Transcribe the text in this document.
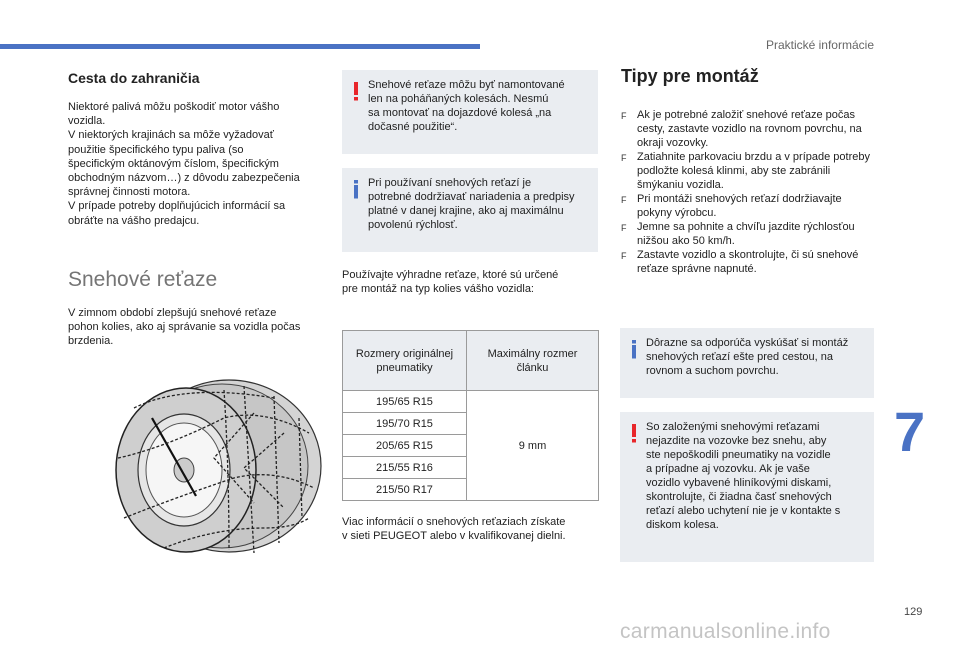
Praktické informácie
Cesta do zahraničia
Niektoré palivá môžu poškodiť motor vášho
vozidla.
V niektorých krajinách sa môže vyžadovať
použitie špecifického typu paliva (so
špecifickým oktánovým číslom, špecifickým
obchodným názvom…) z dôvodu zabezpečenia
správnej činnosti motora.
V prípade potreby doplňujúcich informácií sa
obráťte na vášho predajcu.
Snehové reťaze
V zimnom období zlepšujú snehové reťaze
pohon kolies, ako aj správanie sa vozidla počas
brzdenia.
Snehové reťaze môžu byť namontované
len na poháňaných kolesách. Nesmú
sa montovať na dojazdové kolesá „na
dočasné použitie“.
Pri používaní snehových reťazí je
potrebné dodržiavať nariadenia a predpisy
platné v danej krajine, ako aj maximálnu
povolenú rýchlosť.
Používajte výhradne reťaze, ktoré sú určené
pre montáž na typ kolies vášho vozidla:
Rozmery originálnej pneumatiky	Maximálny rozmer článku
195/65 R15	9 mm
195/70 R15	
205/65 R15	
215/55 R16	
215/50 R17	
Viac informácií o snehových reťaziach získate
v sieti PEUGEOT alebo v kvalifikovanej dielni.
Tipy pre montáž
F Ak je potrebné založiť snehové reťaze počas cesty, zastavte vozidlo na rovnom povrchu, na okraji vozovky.
F Zatiahnite parkovaciu brzdu a v prípade potreby podložte kolesá klinmi, aby ste zabránili šmýkaniu vozidla.
F Pri montáži snehových reťazí dodržiavajte pokyny výrobcu.
F Jemne sa pohnite a chvíľu jazdite rýchlosťou nižšou ako 50 km/h.
F Zastavte vozidlo a skontrolujte, či sú snehové reťaze správne napnuté.
Dôrazne sa odporúča vyskúšať si montáž
snehových reťazí ešte pred cestou, na
rovnom a suchom povrchu.
So založenými snehovými reťazami
nejazdite na vozovke bez snehu, aby
ste nepoškodili pneumatiky na vozidle
a prípadne aj vozovku. Ak je vaše
vozidlo vybavené hliníkovými diskami,
skontrolujte, či žiadna časť snehových
reťazí alebo uchytení nie je v kontakte s
diskom kolesa.
7
129
carmanualsonline.info
